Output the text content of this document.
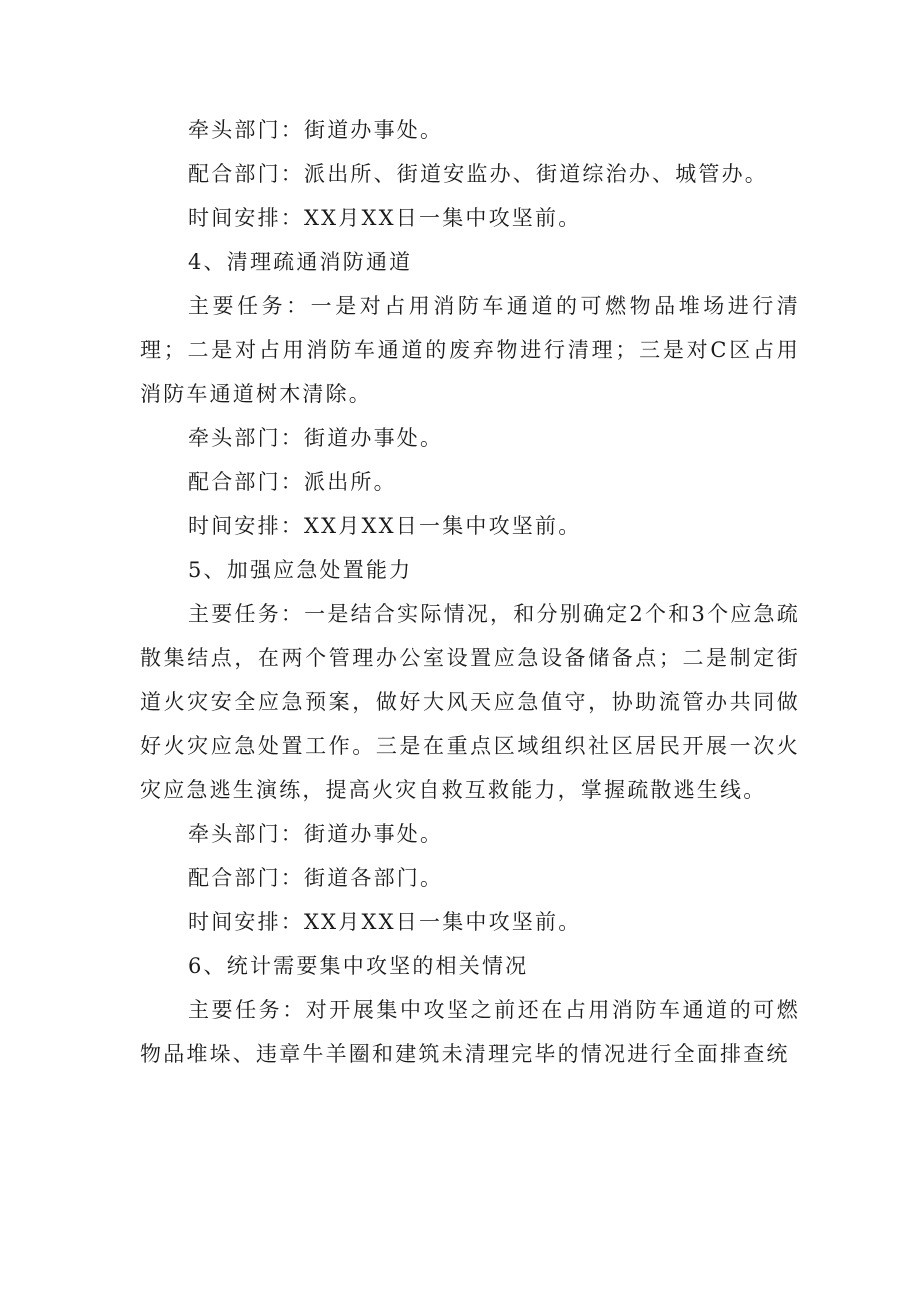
牵头部门：街道办事处。

配合部门：派出所、街道安监办、街道综治办、城管办。

时间安排：XX月XX日一集中攻坚前。

4、清理疏通消防通道

主要任务：一是对占用消防车通道的可燃物品堆场进行清理；二是对占用消防车通道的废弃物进行清理；三是对C区占用消防车通道树木清除。

牵头部门：街道办事处。

配合部门：派出所。

时间安排：XX月XX日一集中攻坚前。

5、加强应急处置能力

主要任务：一是结合实际情况，和分别确定2个和3个应急疏散集结点，在两个管理办公室设置应急设备储备点；二是制定街道火灾安全应急预案，做好大风天应急值守，协助流管办共同做好火灾应急处置工作。三是在重点区域组织社区居民开展一次火灾应急逃生演练，提高火灾自救互救能力，掌握疏散逃生线。

牵头部门：街道办事处。

配合部门：街道各部门。

时间安排：XX月XX日一集中攻坚前。

6、统计需要集中攻坚的相关情况

主要任务：对开展集中攻坚之前还在占用消防车通道的可燃物品堆垛、违章牛羊圈和建筑未清理完毕的情况进行全面排查统
